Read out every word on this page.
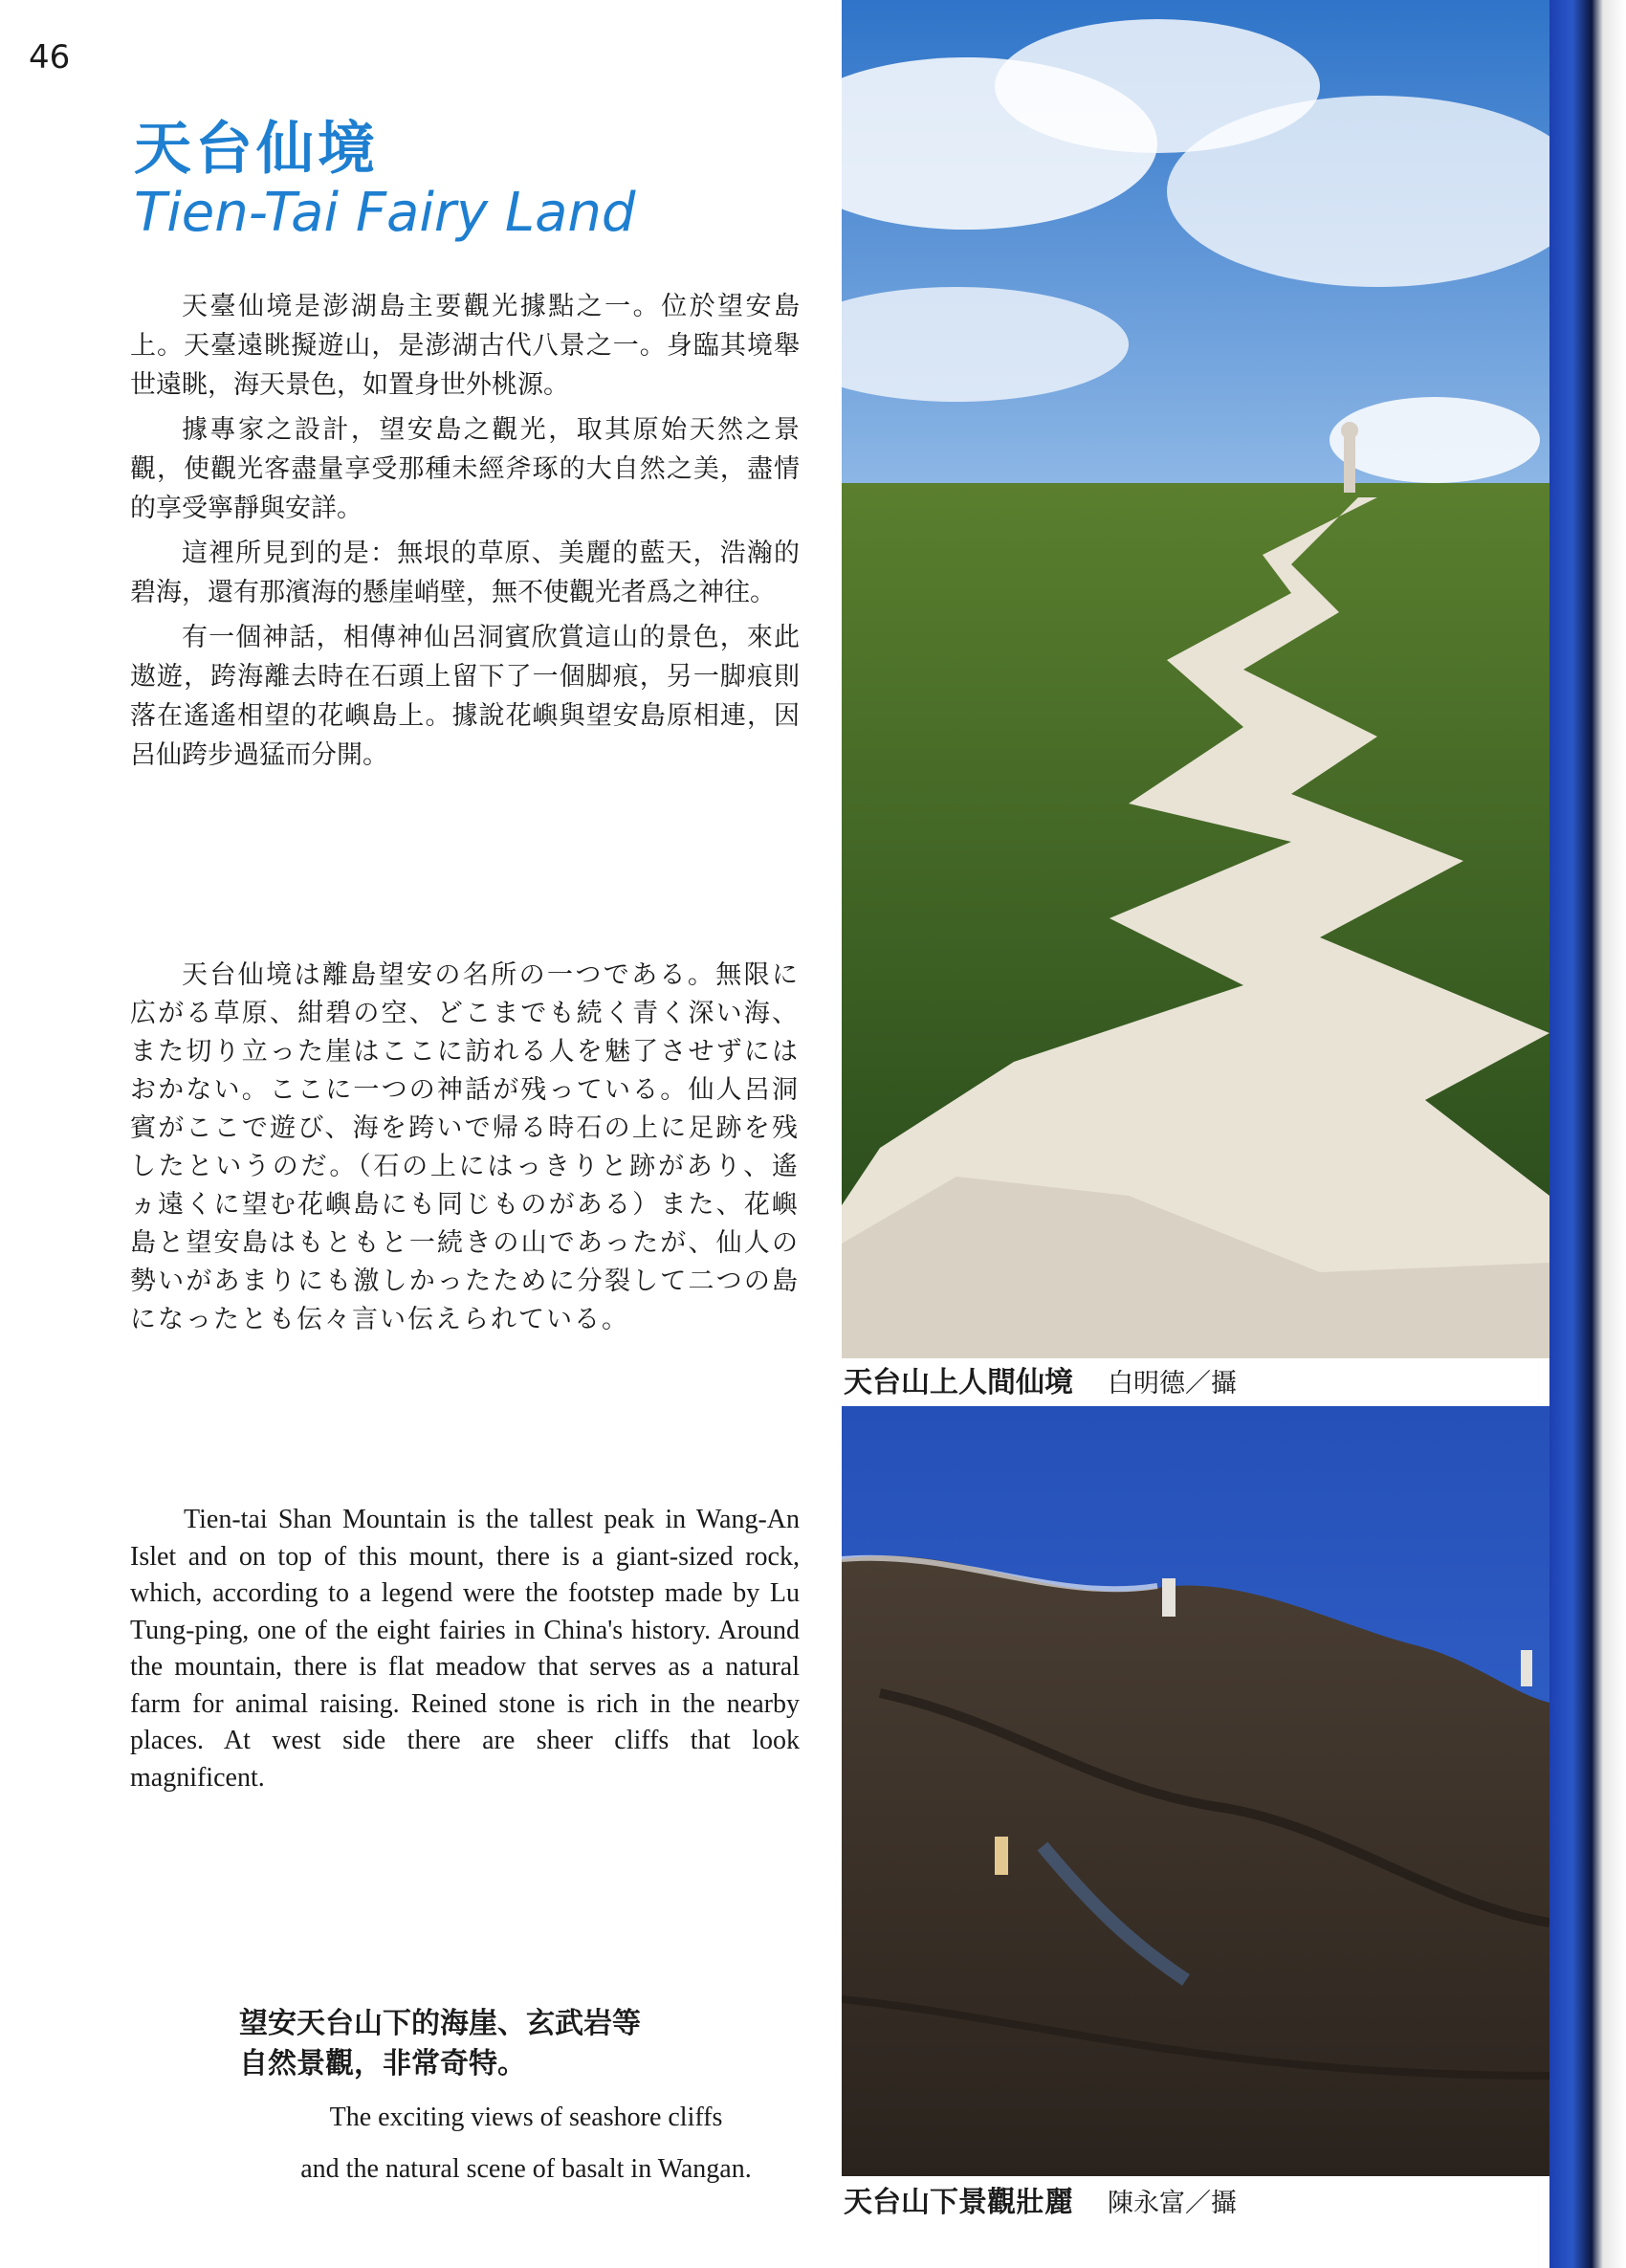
46
天台仙境
Tien-Tai Fairy Land

天臺仙境是澎湖島主要觀光據點之一。位於望安島上。天臺遠眺擬遊山，是澎湖古代八景之一。身臨其境舉世遠眺，海天景色，如置身世外桃源。

據專家之設計，望安島之觀光，取其原始天然之景觀，使觀光客盡量享受那種未經斧琢的大自然之美，盡情的享受寧靜與安詳。

這裡所見到的是：無垠的草原、美麗的藍天，浩瀚的碧海，還有那濱海的懸崖峭壁，無不使觀光者爲之神往。

有一個神話，相傳神仙呂洞賓欣賞這山的景色，來此遨遊，跨海離去時在石頭上留下了一個脚痕，另一脚痕則落在遙遙相望的花嶼島上。據說花嶼與望安島原相連，因呂仙跨步過猛而分開。

天台仙境は離島望安の名所の一つである。無限に広がる草原、紺碧の空、どこまでも続く青く深い海、また切り立った崖はここに訪れる人を魅了させずにはおかない。ここに一つの神話が残っている。仙人呂洞賓がここで遊び、海を跨いで帰る時石の上に足跡を残したというのだ。（石の上にはっきりと跡があり、遙ヵ遠くに望む花嶼島にも同じものがある）また、花嶼島と望安島はもともと一続きの山であったが、仙人の勢いがあまりにも激しかったために分裂して二つの島になったとも伝々言い伝えられている。

Tien-tai Shan Mountain is the tallest peak in Wang-An Islet and on top of this mount, there is a giant-sized rock, which, according to a legend were the footstep made by Lu Tung-ping, one of the eight fairies in China's history. Around the mountain, there is flat meadow that serves as a natural farm for animal raising. Reined stone is rich in the nearby places. At west side there are sheer cliffs that look magnificent.

望安天台山下的海崖、玄武岩等
自然景觀，非常奇特。
The exciting views of seashore cliffs
and the natural scene of basalt in Wangan.
天台山上人間仙境 白明德／攝
天台山下景觀壯麗 陳永富／攝
